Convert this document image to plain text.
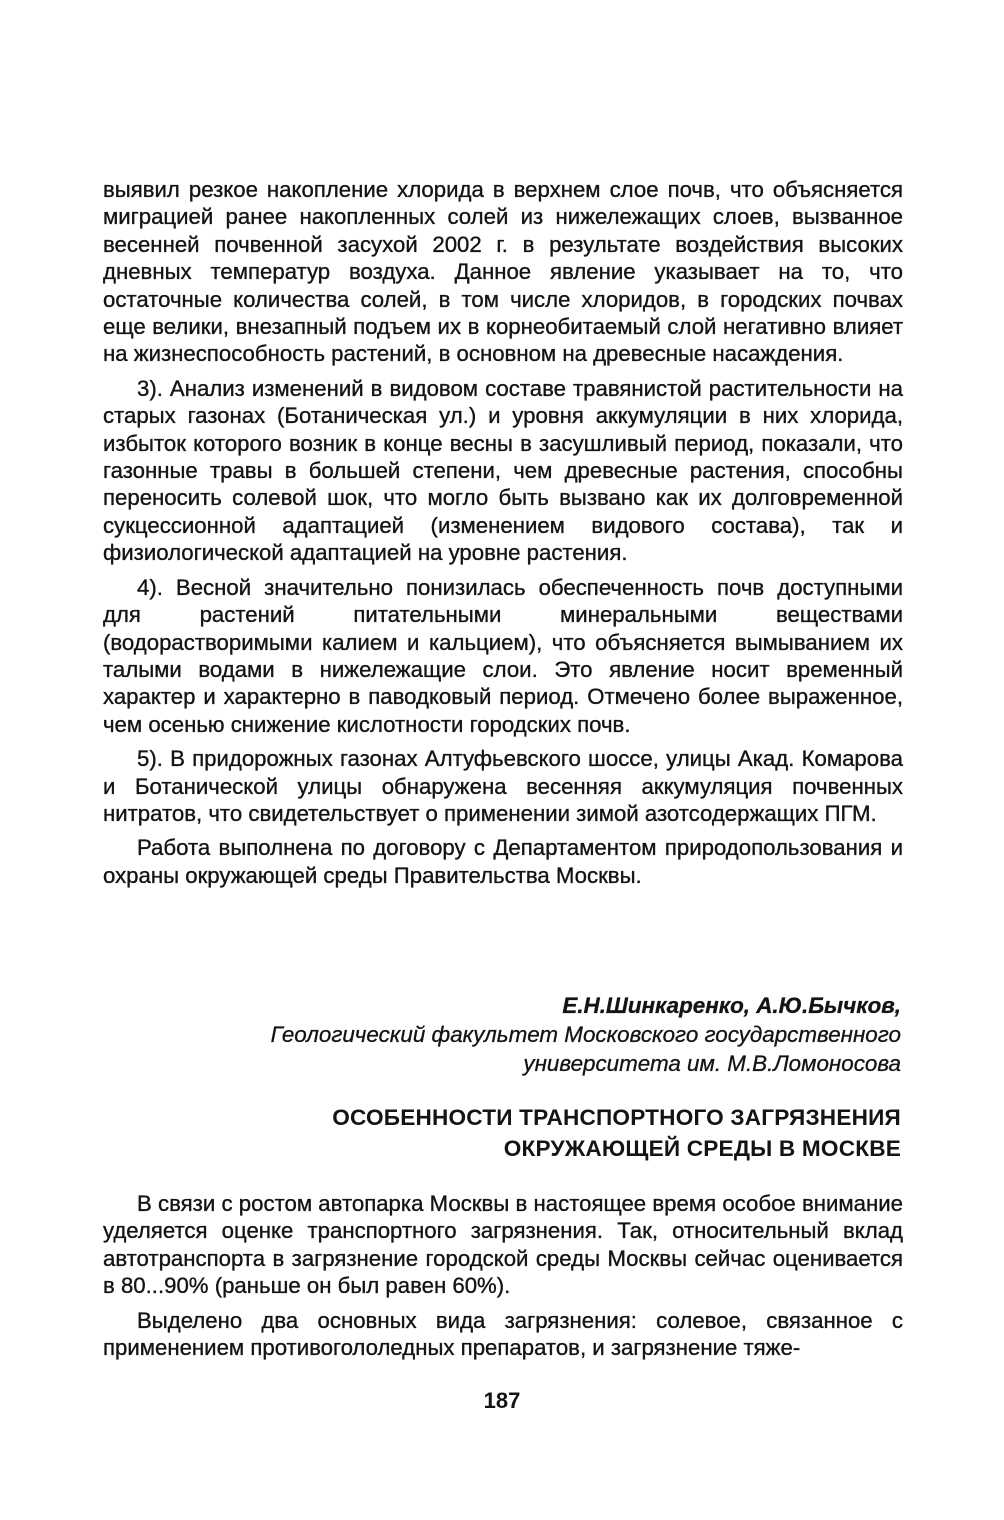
выявил резкое накопление хлорида в верхнем слое почв, что объясняется миграцией ранее накопленных солей из нижележащих слоев, вызванное весенней почвенной засухой 2002 г. в результате воздействия высоких дневных температур воздуха. Данное явление указывает на то, что остаточные количества солей, в том числе хлоридов, в городских почвах еще велики, внезапный подъем их в корнеобитаемый слой негативно влияет на жизнеспособность растений, в основном на древесные насаждения.

3). Анализ изменений в видовом составе травянистой растительности на старых газонах (Ботаническая ул.) и уровня аккумуляции в них хлорида, избыток которого возник в конце весны в засушливый период, показали, что газонные травы в большей степени, чем древесные растения, способны переносить солевой шок, что могло быть вызвано как их долговременной сукцессионной адаптацией (изменением видового состава), так и физиологической адаптацией на уровне растения.

4). Весной значительно понизилась обеспеченность почв доступными для растений питательными минеральными веществами (водорастворимыми калием и кальцием), что объясняется вымыванием их талыми водами в нижележащие слои. Это явление носит временный характер и характерно в паводковый период. Отмечено более выраженное, чем осенью снижение кислотности городских почв.

5). В придорожных газонах Алтуфьевского шоссе, улицы Акад. Комарова и Ботанической улицы обнаружена весенняя аккумуляция почвенных нитратов, что свидетельствует о применении зимой азотсодержащих ПГМ.

Работа выполнена по договору с Департаментом природопользования и охраны окружающей среды Правительства Москвы.

Е.Н.Шинкаренко, А.Ю.Бычков,
Геологический факультет Московского государственного
университета им. М.В.Ломоносова
ОСОБЕННОСТИ ТРАНСПОРТНОГО ЗАГРЯЗНЕНИЯ
ОКРУЖАЮЩЕЙ СРЕДЫ В МОСКВЕ

В связи с ростом автопарка Москвы в настоящее время особое внимание уделяется оценке транспортного загрязнения. Так, относительный вклад автотранспорта в загрязнение городской среды Москвы сейчас оценивается в 80...90% (раньше он был равен 60%).

Выделено два основных вида загрязнения: солевое, связанное с применением противогололедных препаратов, и загрязнение тяже-

187
